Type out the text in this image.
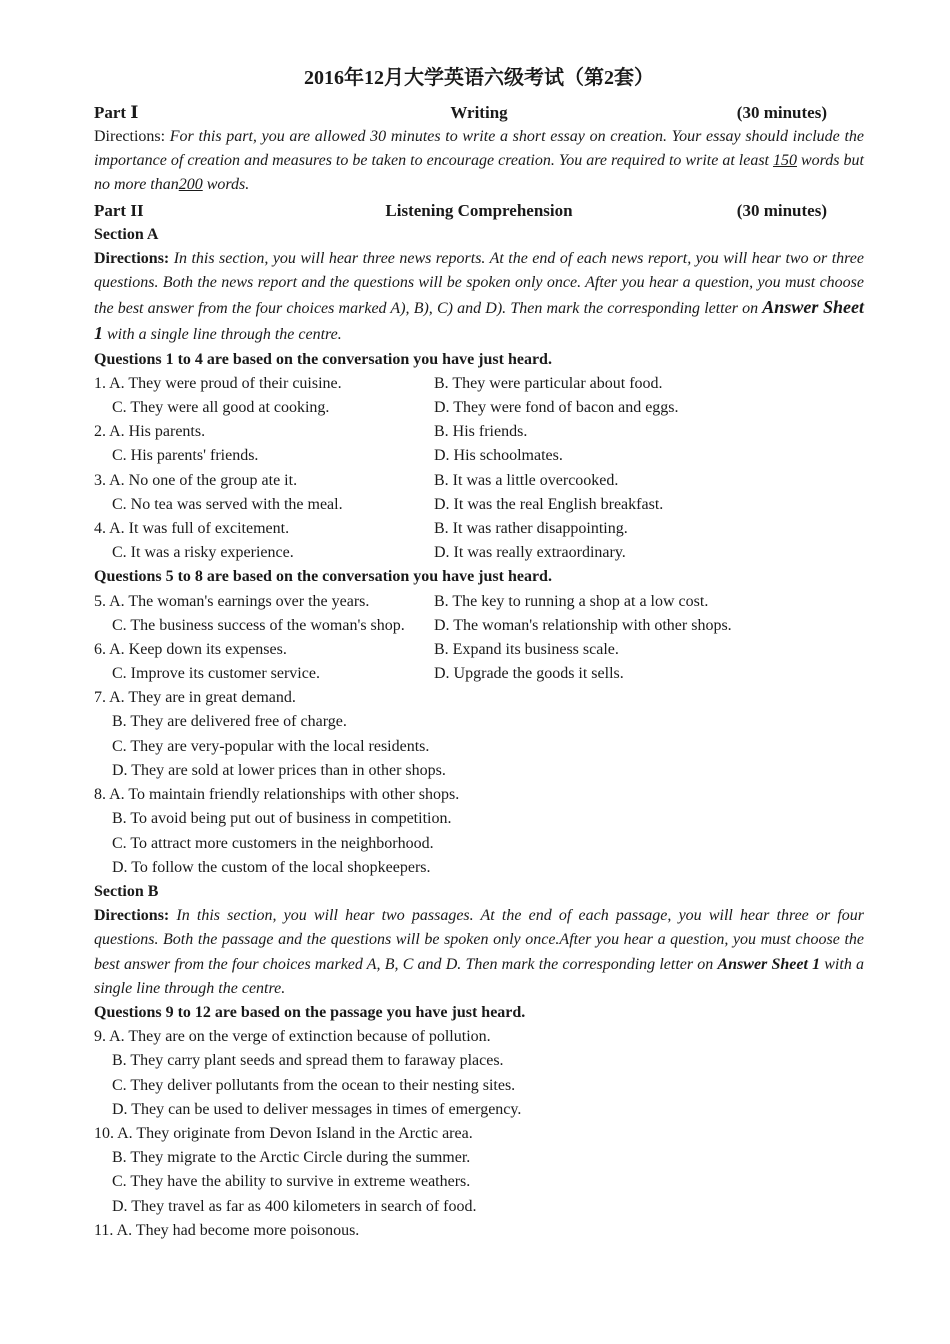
2016年12月大学英语六级考试（第2套）
Part Ⅰ	Writing	(30 minutes)
Directions: For this part, you are allowed 30 minutes to write a short essay on creation. Your essay should include the importance of creation and measures to be taken to encourage creation. You are required to write at least 150 words but no more than200 words.
Part II	Listening Comprehension	(30 minutes)
Section A
Directions: In this section, you will hear three news reports. At the end of each news report, you will hear two or three questions. Both the news report and the questions will be spoken only once. After you hear a question, you must choose the best answer from the four choices marked A), B), C) and D). Then mark the corresponding letter on Answer Sheet 1 with a single line through the centre.
Questions 1 to 4 are based on the conversation you have just heard.
1. A. They were proud of their cuisine.	B. They were particular about food.
C. They were all good at cooking.	D. They were fond of bacon and eggs.
2. A. His parents.	B. His friends.
C. His parents' friends.	D. His schoolmates.
3. A. No one of the group ate it.	B. It was a little overcooked.
C. No tea was served with the meal.	D. It was the real English breakfast.
4. A. It was full of excitement.	B. It was rather disappointing.
C. It was a risky experience.	D. It was really extraordinary.
Questions 5 to 8 are based on the conversation you have just heard.
5. A. The woman's earnings over the years.	B. The key to running a shop at a low cost.
C. The business success of the woman's shop. D. The woman's relationship with other shops.
6. A. Keep down its expenses.	B. Expand its business scale.
C. Improve its customer service.	D. Upgrade the goods it sells.
7. A. They are in great demand.
B. They are delivered free of charge.
C. They are very-popular with the local residents.
D. They are sold at lower prices than in other shops.
8. A. To maintain friendly relationships with other shops.
B. To avoid being put out of business in competition.
C. To attract more customers in the neighborhood.
D. To follow the custom of the local shopkeepers.
Section B
Directions: In this section, you will hear two passages. At the end of each passage, you will hear three or four questions. Both the passage and the questions will be spoken only once.After you hear a question, you must choose the best answer from the four choices marked A, B, C and D. Then mark the corresponding letter on Answer Sheet 1 with a single line through the centre.
Questions 9 to 12 are based on the passage you have just heard.
9. A. They are on the verge of extinction because of pollution.
B. They carry plant seeds and spread them to faraway places.
C. They deliver pollutants from the ocean to their nesting sites.
D. They can be used to deliver messages in times of emergency.
10. A. They originate from Devon Island in the Arctic area.
B. They migrate to the Arctic Circle during the summer.
C. They have the ability to survive in extreme weathers.
D. They travel as far as 400 kilometers in search of food.
11. A. They had become more poisonous.
